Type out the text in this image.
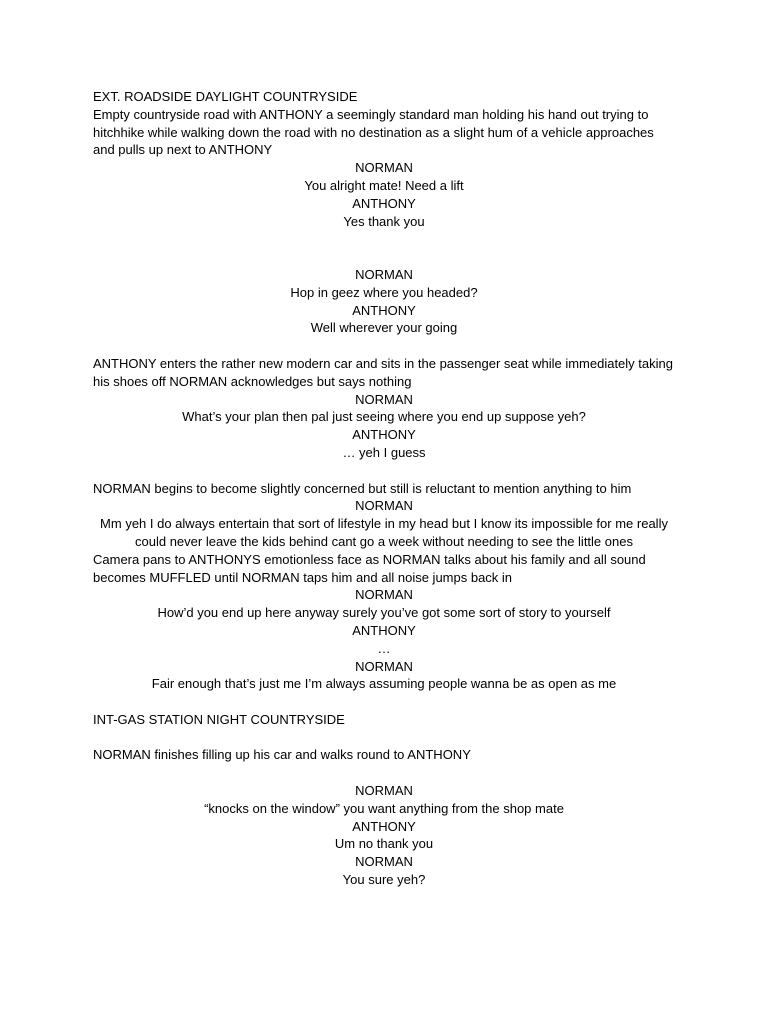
EXT. ROADSIDE DAYLIGHT COUNTRYSIDE

Empty countryside road with ANTHONY a seemingly standard man holding his hand out trying to hitchhike while walking down the road with no destination as a slight hum of a vehicle approaches and pulls up next to ANTHONY

NORMAN

You alright mate! Need a lift

ANTHONY

Yes thank you

NORMAN

Hop in geez where you headed?

ANTHONY

Well wherever your going

ANTHONY enters the rather new modern car and sits in the passenger seat while immediately taking his shoes off NORMAN acknowledges but says nothing

NORMAN

What’s your plan then pal just seeing where you end up suppose yeh?

ANTHONY

… yeh I guess

NORMAN begins to become slightly concerned but still is reluctant to mention anything to him

NORMAN

Mm yeh I do always entertain that sort of lifestyle in my head but I know its impossible for me really could never leave the kids behind cant go a week without needing to see the little ones

Camera pans to ANTHONYS emotionless face as NORMAN talks about his family and all sound becomes MUFFLED until NORMAN taps him and all noise jumps back in

NORMAN

How’d you end up here anyway surely you’ve got some sort of story to yourself

ANTHONY

…

NORMAN

Fair enough that’s just me I’m always assuming people wanna be as open as me

INT-GAS STATION NIGHT COUNTRYSIDE

NORMAN finishes filling up his car and walks round to ANTHONY

NORMAN

“knocks on the window” you want anything from the shop mate

ANTHONY

Um no thank you

NORMAN

You sure yeh?
